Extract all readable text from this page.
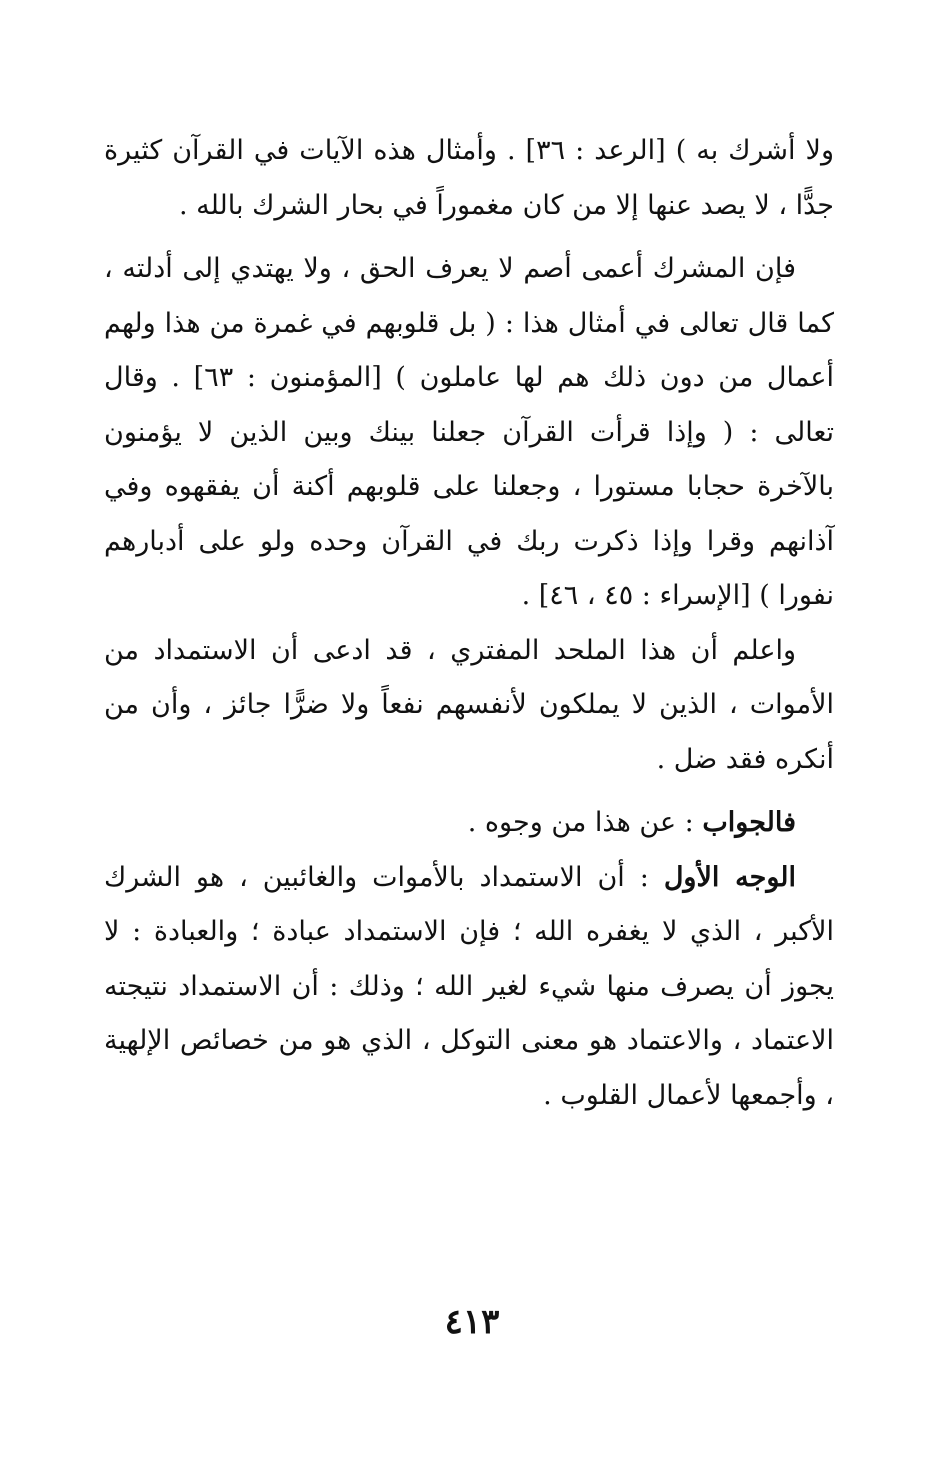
ولا أشرك به ) [الرعد : ٣٦] . وأمثال هذه الآيات في القرآن كثيرة جدًّا ، لا يصد عنها إلا من كان مغموراً في بحار الشرك بالله .

فإن المشرك أعمى أصم لا يعرف الحق ، ولا يهتدي إلى أدلته ، كما قال تعالى في أمثال هذا : ( بل قلوبهم في غمرة من هذا ولهم أعمال من دون ذلك هم لها عاملون ) [المؤمنون : ٦٣] . وقال تعالى : ( وإذا قرأت القرآن جعلنا بينك وبين الذين لا يؤمنون بالآخرة حجابا مستورا ، وجعلنا على قلوبهم أكنة أن يفقهوه وفي آذانهم وقرا وإذا ذكرت ربك في القرآن وحده ولو على أدبارهم نفورا ) [الإسراء : ٤٥ ، ٤٦] .

واعلم أن هذا الملحد المفتري ، قد ادعى أن الاستمداد من الأموات ، الذين لا يملكون لأنفسهم نفعاً ولا ضرًّا جائز ، وأن من أنكره فقد ضل .

فالجواب : عن هذا من وجوه .

الوجه الأول : أن الاستمداد بالأموات والغائبين ، هو الشرك الأكبر ، الذي لا يغفره الله ؛ فإن الاستمداد عبادة ؛ والعبادة : لا يجوز أن يصرف منها شيء لغير الله ؛ وذلك : أن الاستمداد نتيجته الاعتماد ، والاعتماد هو معنى التوكل ، الذي هو من خصائص الإلهية ، وأجمعها لأعمال القلوب .

٤١٣
